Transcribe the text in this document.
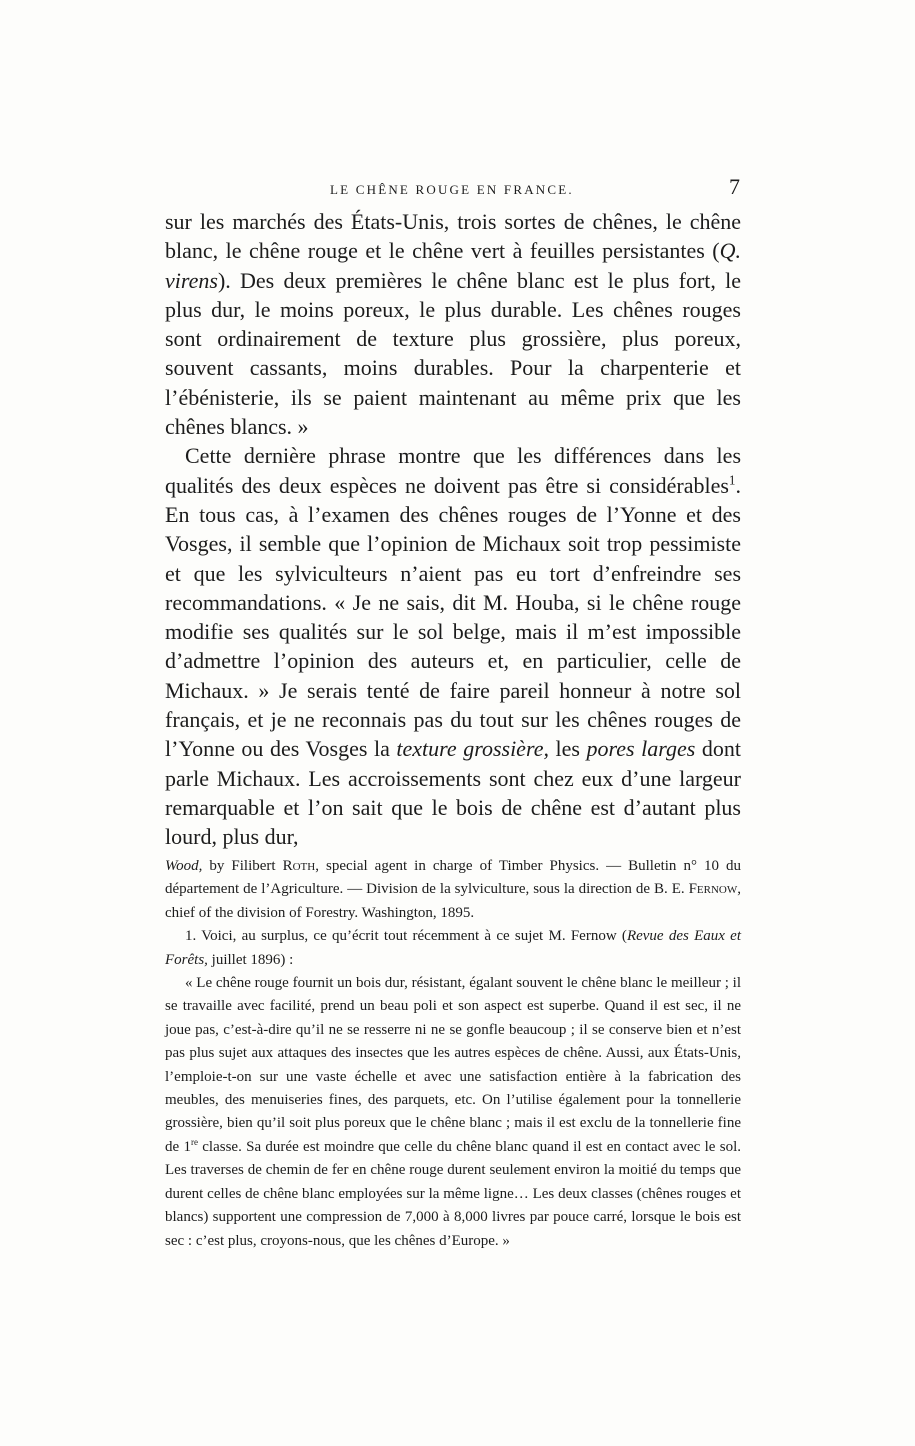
LE CHÊNE ROUGE EN FRANCE.	7

sur les marchés des États-Unis, trois sortes de chênes, le chêne blanc, le chêne rouge et le chêne vert à feuilles persistantes (Q. virens). Des deux premières le chêne blanc est le plus fort, le plus dur, le moins poreux, le plus durable. Les chênes rouges sont ordinairement de texture plus grossière, plus poreux, souvent cassants, moins durables. Pour la charpenterie et l’ébénisterie, ils se paient maintenant au même prix que les chênes blancs. »

Cette dernière phrase montre que les différences dans les qualités des deux espèces ne doivent pas être si considérables$^1$. En tous cas, à l’examen des chênes rouges de l’Yonne et des Vosges, il semble que l’opinion de Michaux soit trop pessimiste et que les sylviculteurs n’aient pas eu tort d’enfreindre ses recommandations. « Je ne sais, dit M. Houba, si le chêne rouge modifie ses qualités sur le sol belge, mais il m’est impossible d’admettre l’opinion des auteurs et, en particulier, celle de Michaux. » Je serais tenté de faire pareil honneur à notre sol français, et je ne reconnais pas du tout sur les chênes rouges de l’Yonne ou des Vosges la texture grossière, les pores larges dont parle Michaux. Les accroissements sont chez eux d’une largeur remarquable et l’on sait que le bois de chêne est d’autant plus lourd, plus dur,

Wood, by Filibert Roth, special agent in charge of Timber Physics. — Bulletin n° 10 du département de l’Agriculture. — Division de la sylviculture, sous la direction de B. E. Fernow, chief of the division of Forestry. Washington, 1895.

1. Voici, au surplus, ce qu’écrit tout récemment à ce sujet M. Fernow (Revue des Eaux et Forêts, juillet 1896) :

« Le chêne rouge fournit un bois dur, résistant, égalant souvent le chêne blanc le meilleur ; il se travaille avec facilité, prend un beau poli et son aspect est superbe. Quand il est sec, il ne joue pas, c’est-à-dire qu’il ne se resserre ni ne se gonfle beaucoup ; il se conserve bien et n’est pas plus sujet aux attaques des insectes que les autres espèces de chêne. Aussi, aux États-Unis, l’emploie-t-on sur une vaste échelle et avec une satisfaction entière à la fabrication des meubles, des menuiseries fines, des parquets, etc. On l’utilise également pour la tonnellerie grossière, bien qu’il soit plus poreux que le chêne blanc ; mais il est exclu de la tonnellerie fine de 1re classe. Sa durée est moindre que celle du chêne blanc quand il est en contact avec le sol. Les traverses de chemin de fer en chêne rouge durent seulement environ la moitié du temps que durent celles de chêne blanc employées sur la même ligne… Les deux classes (chênes rouges et blancs) supportent une compression de 7,000 à 8,000 livres par pouce carré, lorsque le bois est sec : c’est plus, croyons-nous, que les chênes d’Europe. »
